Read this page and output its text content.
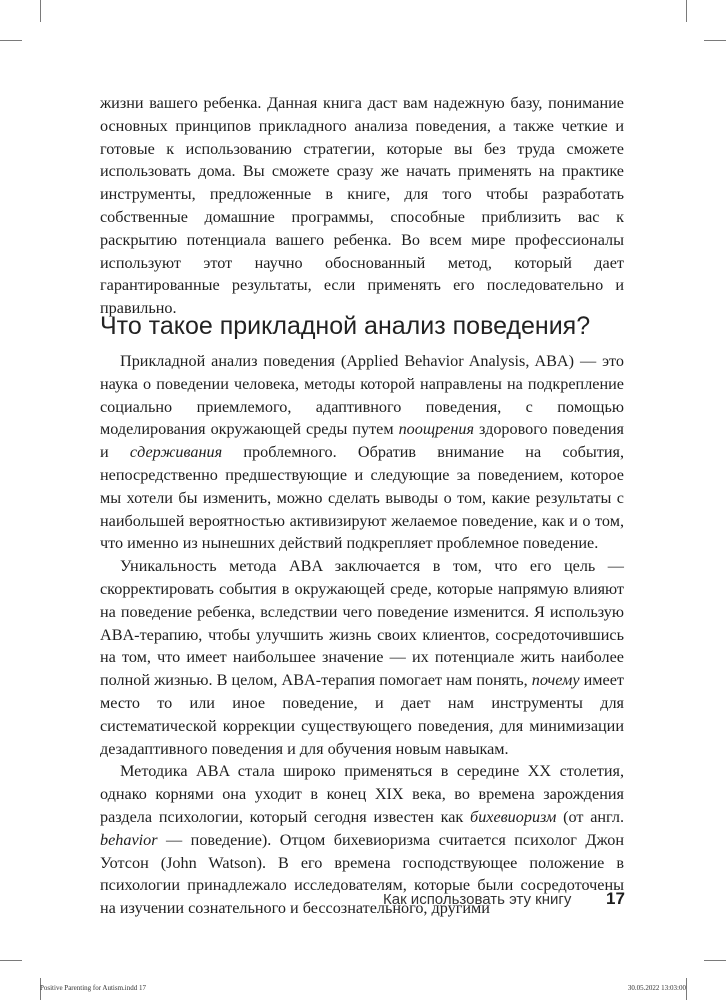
жизни вашего ребенка. Данная книга даст вам надежную базу, понимание основных принципов прикладного анализа поведения, а также четкие и готовые к использованию стратегии, которые вы без труда сможете использовать дома. Вы сможете сразу же начать применять на практике инструменты, предложенные в книге, для того чтобы разработать собственные домашние программы, способные приблизить вас к раскрытию потенциала вашего ребенка. Во всем мире профессионалы используют этот научно обоснованный метод, который дает гарантированные результаты, если применять его последовательно и правильно.

Что такое прикладной анализ поведения?

Прикладной анализ поведения (Applied Behavior Analysis, ABA) — это наука о поведении человека, методы которой направлены на подкрепление социально приемлемого, адаптивного поведения, с помощью моделирования окружающей среды путем поощрения здорового поведения и сдерживания проблемного. Обратив внимание на события, непосредственно предшествующие и следующие за поведением, которое мы хотели бы изменить, можно сделать выводы о том, какие результаты с наибольшей вероятностью активизируют желаемое поведение, как и о том, что именно из нынешних действий подкрепляет проблемное поведение.

Уникальность метода ABA заключается в том, что его цель — скорректировать события в окружающей среде, которые напрямую влияют на поведение ребенка, вследствии чего поведение изменится. Я использую ABA-терапию, чтобы улучшить жизнь своих клиентов, сосредоточившись на том, что имеет наибольшее значение — их потенциале жить наиболее полной жизнью. В целом, ABA-терапия помогает нам понять, почему имеет место то или иное поведение, и дает нам инструменты для систематической коррекции существующего поведения, для минимизации дезадаптивного поведения и для обучения новым навыкам.

Методика ABA стала широко применяться в середине XX столетия, однако корнями она уходит в конец XIX века, во времена зарождения раздела психологии, который сегодня известен как бихевиоризм (от англ. behavior — поведение). Отцом бихевиоризма считается психолог Джон Уотсон (John Watson). В его времена господствующее положение в психологии принадлежало исследователям, которые были сосредоточены на изучении сознательного и бессознательного, другими

Как использовать эту книгу	17
Positive Parenting for Autism.indd 17	30.05.2022 13:03:00
